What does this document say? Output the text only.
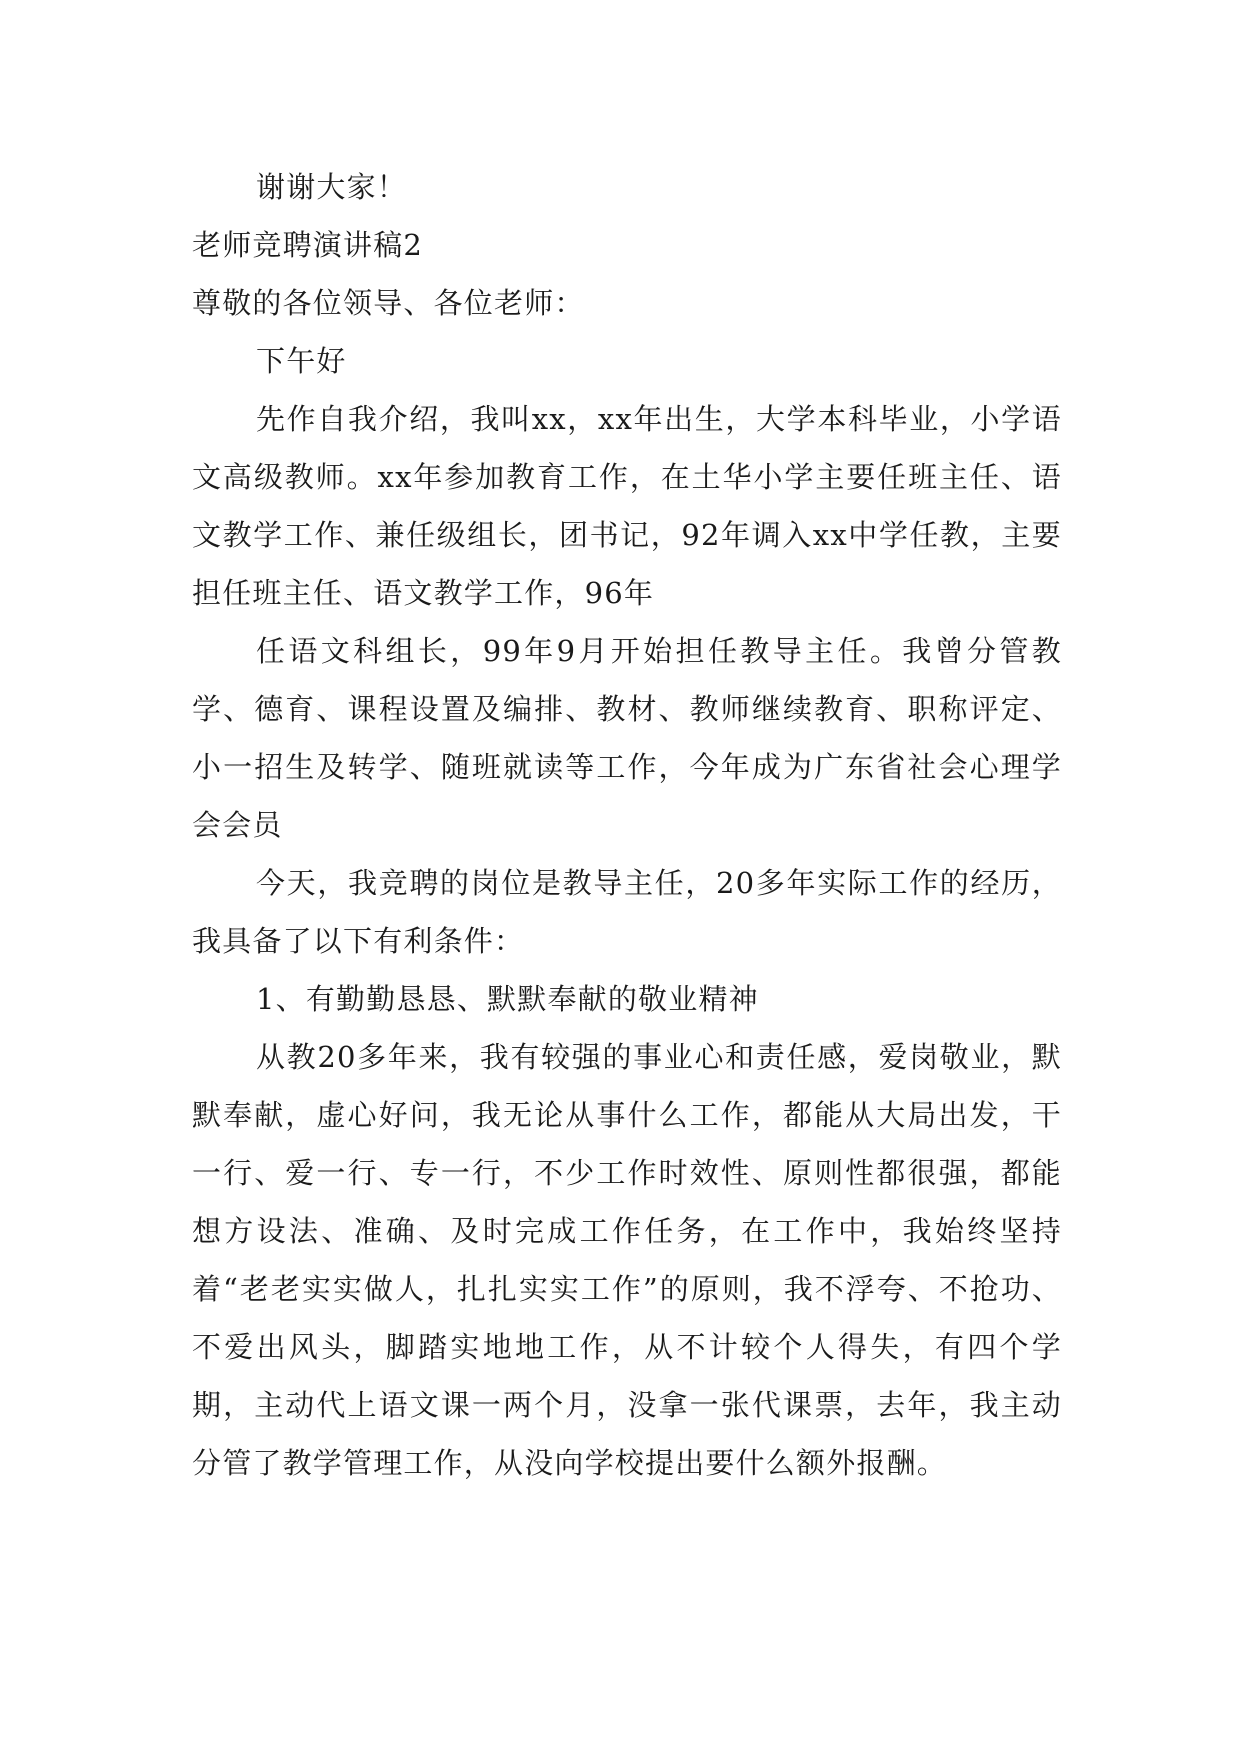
谢谢大家！

老师竞聘演讲稿2

尊敬的各位领导、各位老师：

下午好

先作自我介绍，我叫xx，xx年出生，大学本科毕业，小学语文高级教师。xx年参加教育工作，在土华小学主要任班主任、语文教学工作、兼任级组长，团书记，92年调入xx中学任教，主要担任班主任、语文教学工作，96年

任语文科组长，99年9月开始担任教导主任。我曾分管教学、德育、课程设置及编排、教材、教师继续教育、职称评定、小一招生及转学、随班就读等工作，今年成为广东省社会心理学会会员

今天，我竞聘的岗位是教导主任，20多年实际工作的经历，我具备了以下有利条件：

1、有勤勤恳恳、默默奉献的敬业精神

从教20多年来，我有较强的事业心和责任感，爱岗敬业，默默奉献，虚心好问，我无论从事什么工作，都能从大局出发，干一行、爱一行、专一行，不少工作时效性、原则性都很强，都能想方设法、准确、及时完成工作任务，在工作中，我始终坚持着“老老实实做人，扎扎实实工作”的原则，我不浮夸、不抢功、不爱出风头，脚踏实地地工作，从不计较个人得失，有四个学期，主动代上语文课一两个月，没拿一张代课票，去年，我主动分管了教学管理工作，从没向学校提出要什么额外报酬。
